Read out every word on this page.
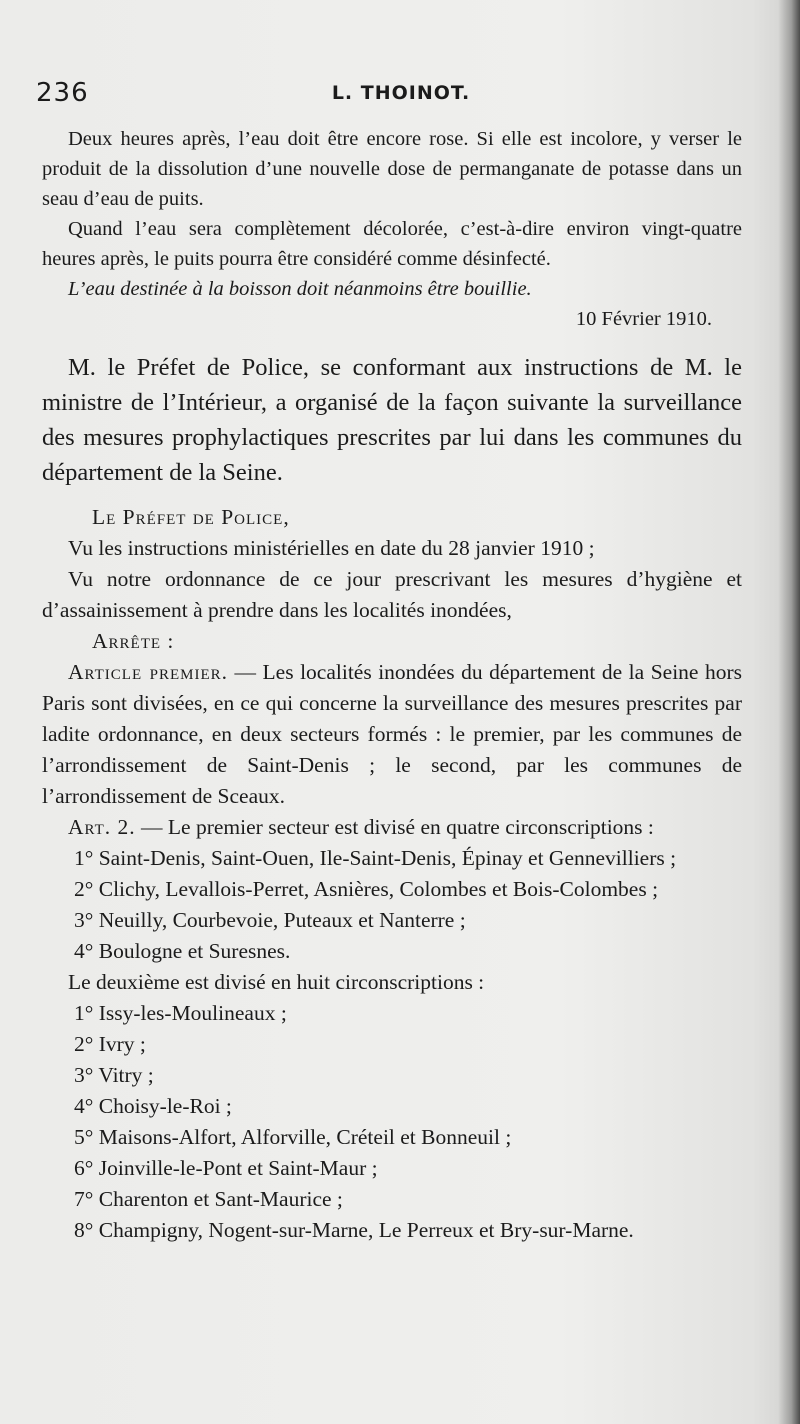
236	L. THOINOT.

Deux heures après, l’eau doit être encore rose. Si elle est incolore, y verser le produit de la dissolution d’une nouvelle dose de permanganate de potasse dans un seau d’eau de puits.

Quand l’eau sera complètement décolorée, c’est-à-dire environ vingt-quatre heures après, le puits pourra être considéré comme désinfecté.

L’eau destinée à la boisson doit néanmoins être bouillie.

10 Février 1910.

M. le Préfet de Police, se conformant aux instructions de M. le ministre de l’Intérieur, a organisé de la façon suivante la surveillance des mesures prophylactiques prescrites par lui dans les communes du département de la Seine.

Le Préfet de Police,

Vu les instructions ministérielles en date du 28 janvier 1910 ;

Vu notre ordonnance de ce jour prescrivant les mesures d’hygiène et d’assainissement à prendre dans les localités inondées,

Arrête :

Article premier. — Les localités inondées du département de la Seine hors Paris sont divisées, en ce qui concerne la surveillance des mesures prescrites par ladite ordonnance, en deux secteurs formés : le premier, par les communes de l’arrondissement de Saint-Denis ; le second, par les communes de l’arrondissement de Sceaux.

Art. 2. — Le premier secteur est divisé en quatre circonscriptions :

1° Saint-Denis, Saint-Ouen, Ile-Saint-Denis, Épinay et Gennevilliers ;
2° Clichy, Levallois-Perret, Asnières, Colombes et Bois-Colombes ;
3° Neuilly, Courbevoie, Puteaux et Nanterre ;
4° Boulogne et Suresnes.

Le deuxième est divisé en huit circonscriptions :

1° Issy-les-Moulineaux ;
2° Ivry ;
3° Vitry ;
4° Choisy-le-Roi ;
5° Maisons-Alfort, Alforville, Créteil et Bonneuil ;
6° Joinville-le-Pont et Saint-Maur ;
7° Charenton et Sant-Maurice ;
8° Champigny, Nogent-sur-Marne, Le Perreux et Bry-sur-Marne.
